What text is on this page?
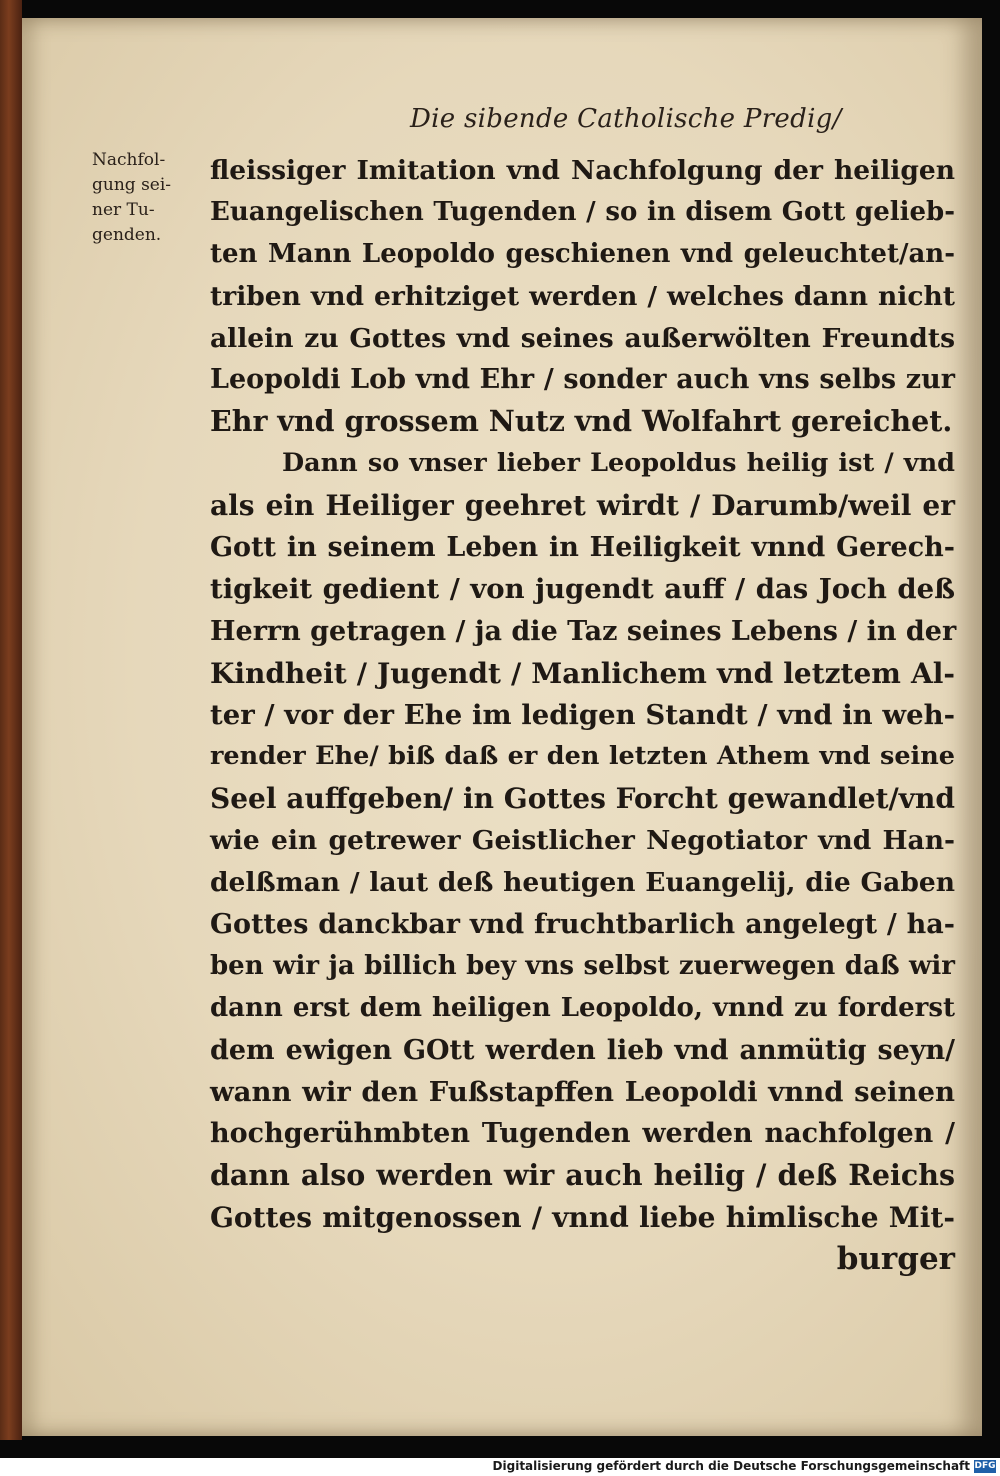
Die sibende Catholische Predig/
Nachfol-
gung sei-
ner Tu-
genden.
fleissiger Imitation vnd Nachfolgung der heiligen
Euangelischen Tugenden / so in disem Gott gelieb-
ten Mann Leopoldo geschienen vnd geleuchtet/an-
triben vnd erhitziget werden / welches dann nicht
allein zu Gottes vnd seines außerwölten Freundts
Leopoldi Lob vnd Ehr / sonder auch vns selbs zur
Ehr vnd grossem Nutz vnd Wolfahrt gereichet.
Dann so vnser lieber Leopoldus heilig ist / vnd
als ein Heiliger geehret wirdt / Darumb/weil er
Gott in seinem Leben in Heiligkeit vnnd Gerech-
tigkeit gedient / von jugendt auff / das Joch deß
Herrn getragen / ja die Taz seines Lebens / in der
Kindheit / Jugendt / Manlichem vnd letztem Al-
ter / vor der Ehe im ledigen Standt / vnd in weh-
render Ehe/ biß daß er den letzten Athem vnd seine
Seel auffgeben/ in Gottes Forcht gewandlet/vnd
wie ein getrewer Geistlicher Negotiator vnd Han-
delßman / laut deß heutigen Euangelij, die Gaben
Gottes danckbar vnd fruchtbarlich angelegt / ha-
ben wir ja billich bey vns selbst zuerwegen daß wir
dann erst dem heiligen Leopoldo, vnnd zu forderst
dem ewigen GOtt werden lieb vnd anmütig seyn/
wann wir den Fußstapffen Leopoldi vnnd seinen
hochgerühmbten Tugenden werden nachfolgen /
dann also werden wir auch heilig / deß Reichs
Gottes mitgenossen / vnnd liebe himlische Mit-
burger
Digitalisierung gefördert durch die Deutsche Forschungsgemeinschaft DFG
